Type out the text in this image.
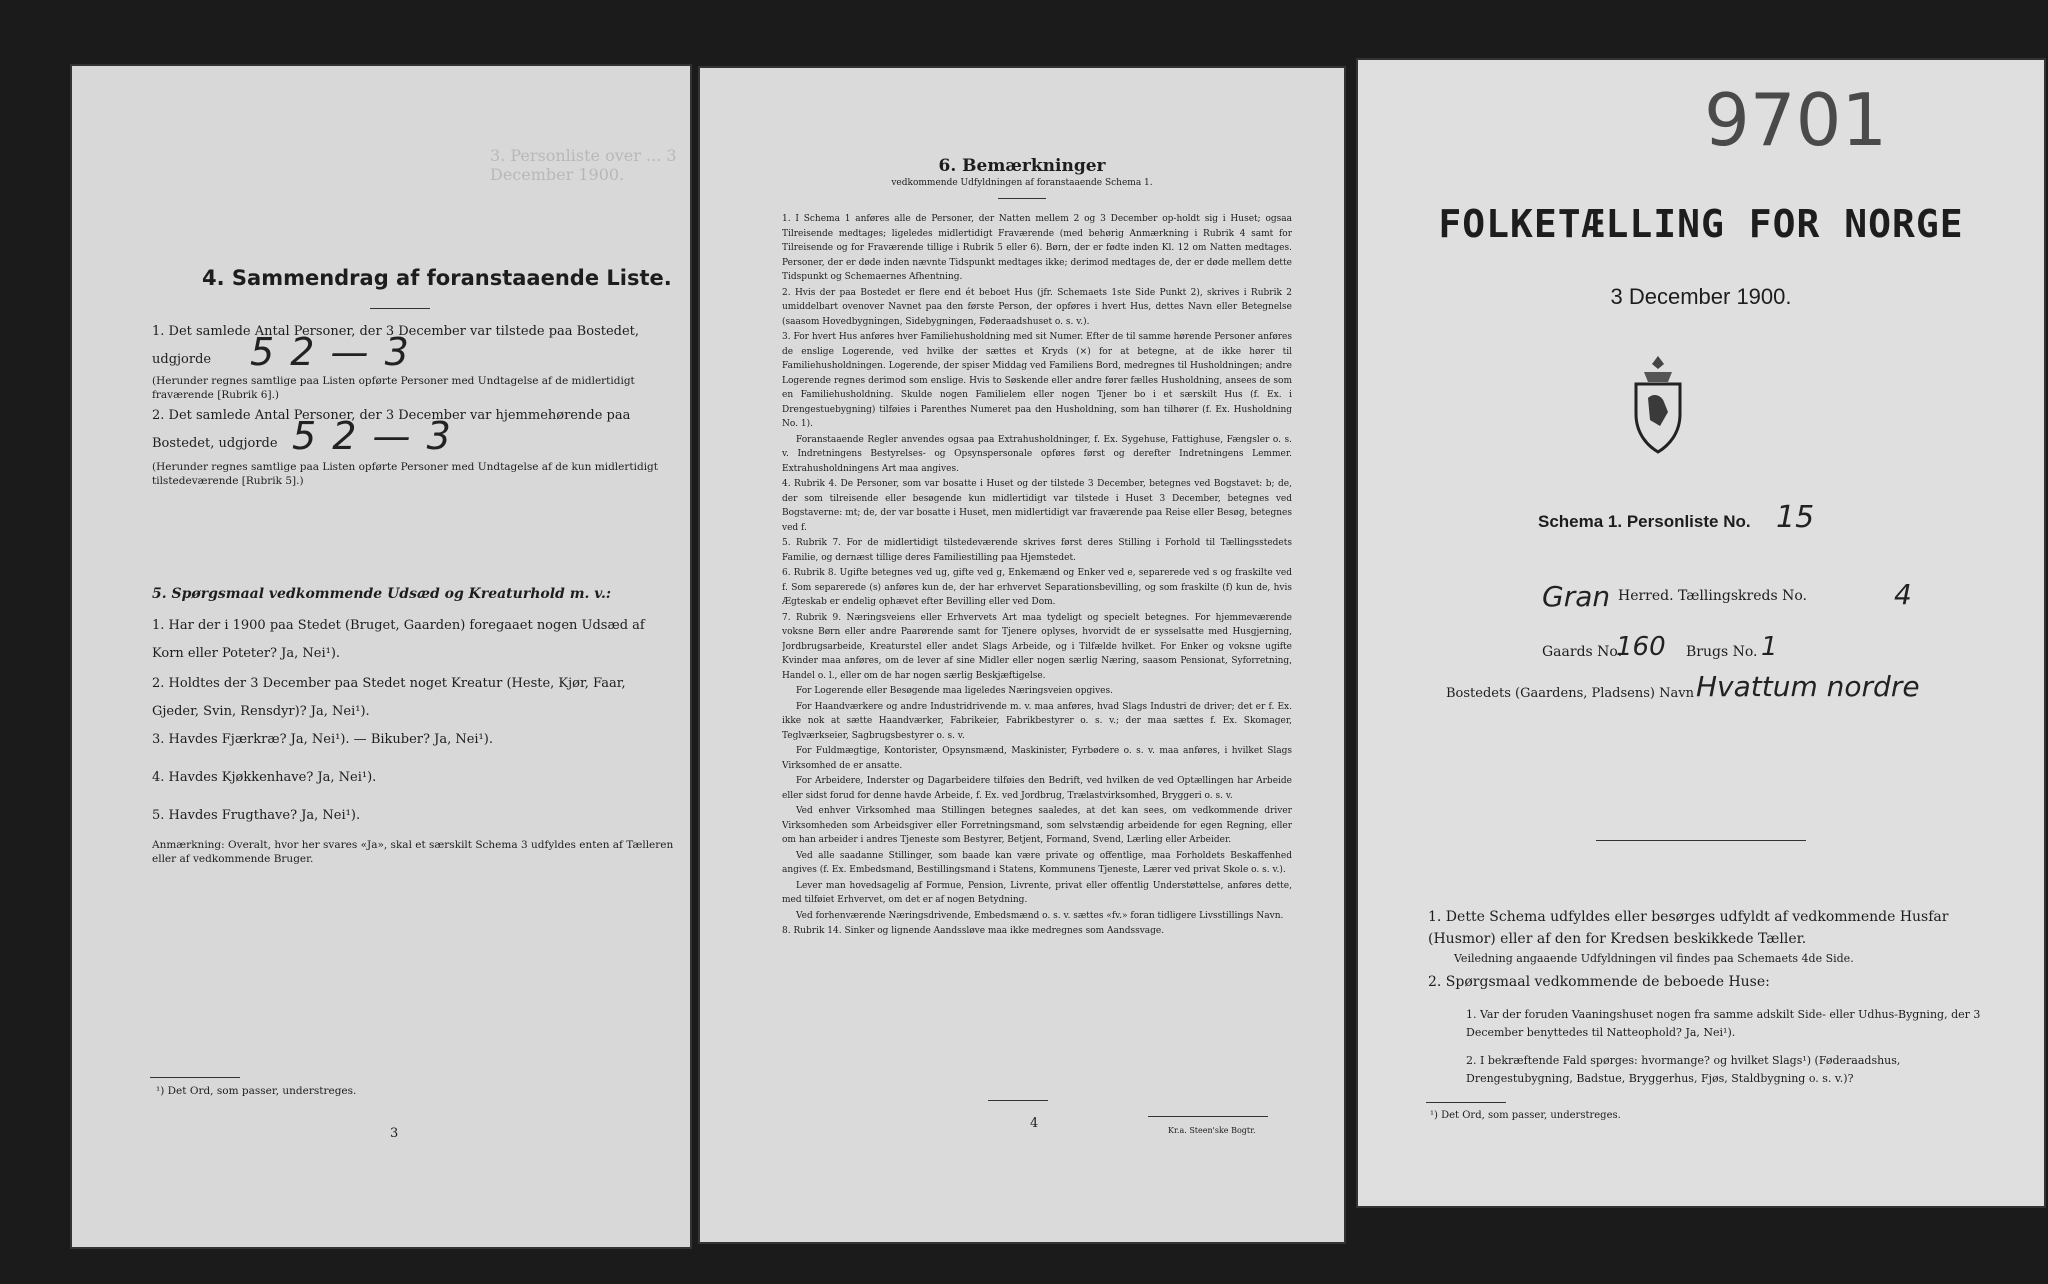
3. Personliste over ... 3 December 1900.
4. Sammendrag af foranstaaende Liste.
1. Det samlede Antal Personer, der 3 December var tilstede paa Bostedet,
udgjorde 5 2 — 3
(Herunder regnes samtlige paa Listen opførte Personer med Undtagelse af de midlertidigt fraværende [Rubrik 6].)
2. Det samlede Antal Personer, der 3 December var hjemmehørende paa
Bostedet, udgjorde 5 2 — 3
(Herunder regnes samtlige paa Listen opførte Personer med Undtagelse af de kun midlertidigt tilstedeværende [Rubrik 5].)
5. Spørgsmaal vedkommende Udsæd og Kreaturhold m. v.:
1. Har der i 1900 paa Stedet (Bruget, Gaarden) foregaaet nogen Udsæd af Korn eller Poteter? Ja, Nei¹).
2. Holdtes der 3 December paa Stedet noget Kreatur (Heste, Kjør, Faar, Gjeder, Svin, Rensdyr)? Ja, Nei¹).
3. Havdes Fjærkræ? Ja, Nei¹). — Bikuber? Ja, Nei¹).
4. Havdes Kjøkkenhave? Ja, Nei¹).
5. Havdes Frugthave? Ja, Nei¹).
Anmærkning: Overalt, hvor her svares «Ja», skal et særskilt Schema 3 udfyldes enten af Tælleren eller af vedkommende Bruger.
¹) Det Ord, som passer, understreges.
3
6. Bemærkninger
vedkommende Udfyldningen af foranstaaende Schema 1.
1. I Schema 1 anføres alle de Personer, der Natten mellem 2 og 3 December op-holdt sig i Huset; ogsaa Tilreisende medtages; ligeledes midlertidigt Fraværende (med behørig Anmærkning i Rubrik 4 samt for Tilreisende og for Fraværende tillige i Rubrik 5 eller 6). Børn, der er fødte inden Kl. 12 om Natten medtages. Personer, der er døde inden nævnte Tidspunkt medtages ikke; derimod medtages de, der er døde mellem dette Tidspunkt og Schemaernes Afhentning.
2. Hvis der paa Bostedet er flere end ét beboet Hus (jfr. Schemaets 1ste Side Punkt 2), skrives i Rubrik 2 umiddelbart ovenover Navnet paa den første Person, der opføres i hvert Hus, dettes Navn eller Betegnelse (saasom Hovedbygningen, Sidebygningen, Føderaadshuset o. s. v.).
3. For hvert Hus anføres hver Familiehusholdning med sit Numer. Efter de til samme hørende Personer anføres de enslige Logerende, ved hvilke der sættes et Kryds (×) for at betegne, at de ikke hører til Familiehusholdningen. Logerende, der spiser Middag ved Familiens Bord, medregnes til Husholdningen; andre Logerende regnes derimod som enslige. Hvis to Søskende eller andre fører fælles Husholdning, ansees de som en Familiehusholdning. Skulde nogen Familielem eller nogen Tjener bo i et særskilt Hus (f. Ex. i Drengestuebygning) tilføies i Parenthes Numeret paa den Husholdning, som han tilhører (f. Ex. Husholdning No. 1).
Foranstaaende Regler anvendes ogsaa paa Extrahusholdninger, f. Ex. Sygehuse, Fattighuse, Fængsler o. s. v. Indretningens Bestyrelses- og Opsynspersonale opføres først og derefter Indretningens Lemmer. Extrahusholdningens Art maa angives.
4. Rubrik 4. De Personer, som var bosatte i Huset og der tilstede 3 December, betegnes ved Bogstavet: b; de, der som tilreisende eller besøgende kun midlertidigt var tilstede i Huset 3 December, betegnes ved Bogstaverne: mt; de, der var bosatte i Huset, men midlertidigt var fraværende paa Reise eller Besøg, betegnes ved f.
5. Rubrik 7. For de midlertidigt tilstedeværende skrives først deres Stilling i Forhold til Tællingsstedets Familie, og dernæst tillige deres Familiestilling paa Hjemstedet.
6. Rubrik 8. Ugifte betegnes ved ug, gifte ved g, Enkemænd og Enker ved e, separerede ved s og fraskilte ved f. Som separerede (s) anføres kun de, der har erhvervet Separationsbevilling, og som fraskilte (f) kun de, hvis Ægteskab er endelig ophævet efter Bevilling eller ved Dom.
7. Rubrik 9. Næringsveiens eller Erhvervets Art maa tydeligt og specielt betegnes. For hjemmeværende voksne Børn eller andre Paarørende samt for Tjenere oplyses, hvorvidt de er sysselsatte med Husgjerning, Jordbrugsarbeide, Kreaturstel eller andet Slags Arbeide, og i Tilfælde hvilket. For Enker og voksne ugifte Kvinder maa anføres, om de lever af sine Midler eller nogen særlig Næring, saasom Pensionat, Syforretning, Handel o. l., eller om de har nogen særlig Beskjæftigelse.
For Logerende eller Besøgende maa ligeledes Næringsveien opgives.
For Haandværkere og andre Industridrivende m. v. maa anføres, hvad Slags Industri de driver; det er f. Ex. ikke nok at sætte Haandværker, Fabrikeier, Fabrikbestyrer o. s. v.; der maa sættes f. Ex. Skomager, Teglværkseier, Sagbrugsbestyrer o. s. v.
For Fuldmægtige, Kontorister, Opsynsmænd, Maskinister, Fyrbødere o. s. v. maa anføres, i hvilket Slags Virksomhed de er ansatte.
For Arbeidere, Inderster og Dagarbeidere tilføies den Bedrift, ved hvilken de ved Optællingen har Arbeide eller sidst forud for denne havde Arbeide, f. Ex. ved Jordbrug, Trælastvirksomhed, Bryggeri o. s. v.
Ved enhver Virksomhed maa Stillingen betegnes saaledes, at det kan sees, om vedkommende driver Virksomheden som Arbeidsgiver eller Forretningsmand, som selvstændig arbeidende for egen Regning, eller om han arbeider i andres Tjeneste som Bestyrer, Betjent, Formand, Svend, Lærling eller Arbeider.
Ved alle saadanne Stillinger, som baade kan være private og offentlige, maa Forholdets Beskaffenhed angives (f. Ex. Embedsmand, Bestillingsmand i Statens, Kommunens Tjeneste, Lærer ved privat Skole o. s. v.).
Lever man hovedsagelig af Formue, Pension, Livrente, privat eller offentlig Understøttelse, anføres dette, med tilføiet Erhvervet, om det er af nogen Betydning.
Ved forhenværende Næringsdrivende, Embedsmænd o. s. v. sættes «fv.» foran tidligere Livsstillings Navn.
8. Rubrik 14. Sinker og lignende Aandssløve maa ikke medregnes som Aandssvage.
4	Kr.a. Steen'ske Bogtr.
9701
FOLKETÆLLING FOR NORGE
3 December 1900.
Schema 1. Personliste No. 15
Gran Herred. Tællingskreds No.	4
Gaards No.
160 Brugs No. 1
Bostedets (Gaardens, Pladsens) Navn Hvattum nordre
1. Dette Schema udfyldes eller besørges udfyldt af vedkommende Husfar (Husmor) eller af den for Kredsen beskikkede Tæller.
Veiledning angaaende Udfyldningen vil findes paa Schemaets 4de Side.
2. Spørgsmaal vedkommende de beboede Huse:
1. Var der foruden Vaaningshuset nogen fra samme adskilt Side- eller Udhus-Bygning, der 3 December benyttedes til Natteophold? Ja, Nei¹).
2. I bekræftende Fald spørges: hvormange? og hvilket Slags¹) (Føderaadshus, Drengestubygning, Badstue, Bryggerhus, Fjøs, Staldbygning o. s. v.)?
¹) Det Ord, som passer, understreges.
